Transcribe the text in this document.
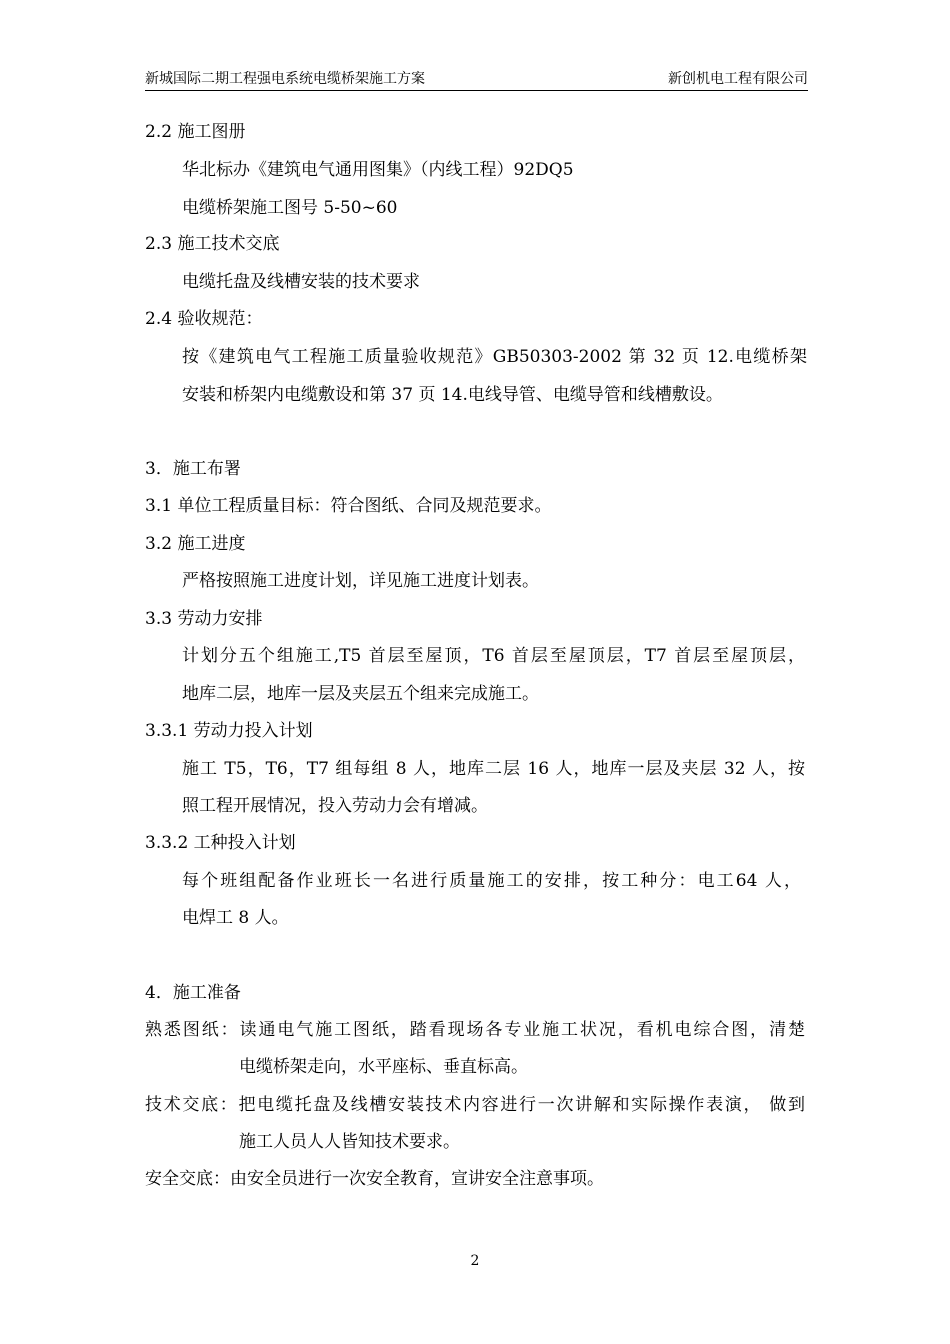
新城国际二期工程强电系统电缆桥架施工方案	新创机电工程有限公司
2.2 施工图册
华北标办《建筑电气通用图集》（内线工程）92DQ5
电缆桥架施工图号 5-50~60
2.3 施工技术交底
电缆托盘及线槽安装的技术要求
2.4 验收规范：
按《建筑电气工程施工质量验收规范》GB50303-2002 第 32 页 12.电缆桥架
安装和桥架内电缆敷设和第 37 页 14.电线导管、电缆导管和线槽敷设。
3．施工布署
3.1 单位工程质量目标：符合图纸、合同及规范要求。
3.2 施工进度
严格按照施工进度计划，详见施工进度计划表。
3.3 劳动力安排
计划分五个组施工,T5 首层至屋顶，T6 首层至屋顶层，T7 首层至屋顶层，
地库二层，地库一层及夹层五个组来完成施工。
3.3.1 劳动力投入计划
施工 T5，T6，T7 组每组 8 人，地库二层 16 人，地库一层及夹层 32 人，按
照工程开展情况，投入劳动力会有增减。
3.3.2 工种投入计划
每个班组配备作业班长一名进行质量施工的安排，按工种分：电工64 人，
电焊工 8 人。
4．施工准备
熟悉图纸：读通电气施工图纸，踏看现场各专业施工状况，看机电综合图，清楚
电缆桥架走向，水平座标、垂直标高。
技术交底：把电缆托盘及线槽安装技术内容进行一次讲解和实际操作表演， 做到
施工人员人人皆知技术要求。
安全交底：由安全员进行一次安全教育，宣讲安全注意事项。
2
